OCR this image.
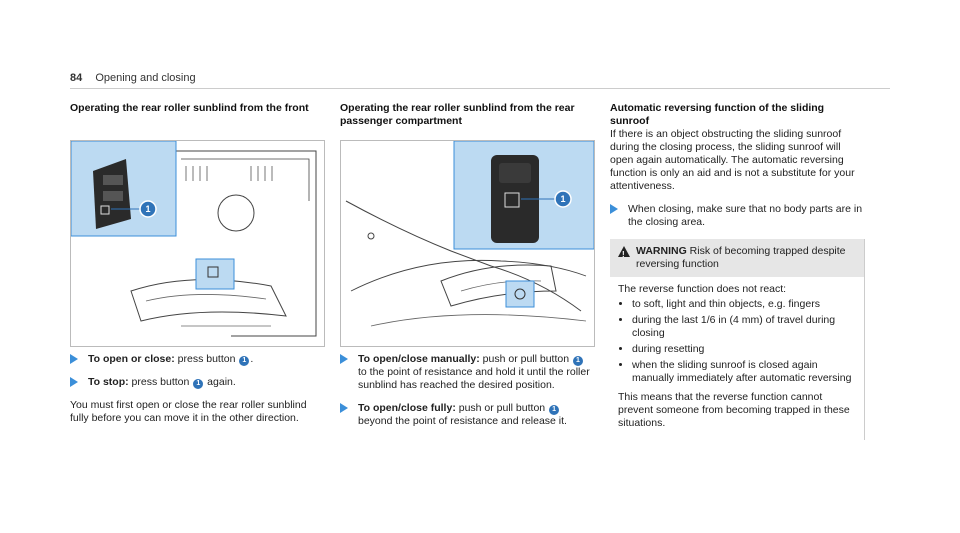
84 Opening and closing
Operating the rear roller sunblind from the front
1
To open or close: press button 1 .
To stop: press button 1 again.

You must first open or close the rear roller sunblind fully before you can move it in the other direction.

Operating the rear roller sunblind from the rear passenger compartment
1
To open/close manually: push or pull button 1 to the point of resistance and hold it until the roller sunblind has reached the desired position.
To open/close fully: push or pull button 1 beyond the point of resistance and release it.
Automatic reversing function of the sliding sunroof

If there is an object obstructing the sliding sunroof during the closing process, the sliding sunroof will open again automatically. The automatic reversing function is only an aid and is not a substitute for your attentiveness.

When closing, make sure that no body parts are in the closing area.
!
WARNING Risk of becoming trapped despite reversing function

The reverse function does not react:

• to soft, light and thin objects, e.g. fingers
• during the last 1/6 in (4 mm) of travel during closing
• during resetting
• when the sliding sunroof is closed again manually immediately after automatic reversing

This means that the reverse function cannot prevent someone from becoming trapped in these situations.
